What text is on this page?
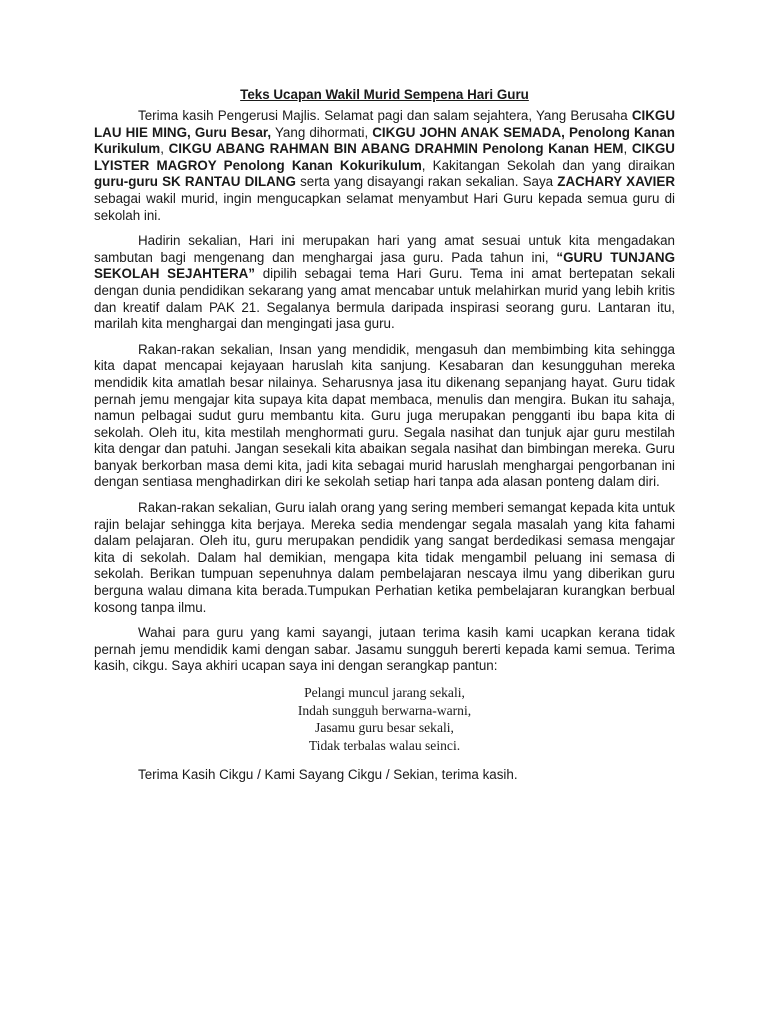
Teks Ucapan Wakil Murid Sempena Hari Guru

Terima kasih Pengerusi Majlis. Selamat pagi dan salam sejahtera, Yang Berusaha CIKGU LAU HIE MING, Guru Besar, Yang dihormati, CIKGU JOHN ANAK SEMADA, Penolong Kanan Kurikulum, CIKGU ABANG RAHMAN BIN ABANG DRAHMIN Penolong Kanan HEM, CIKGU LYISTER MAGROY Penolong Kanan Kokurikulum, Kakitangan Sekolah dan yang diraikan guru-guru SK RANTAU DILANG serta yang disayangi rakan sekalian. Saya ZACHARY XAVIER sebagai wakil murid, ingin mengucapkan selamat menyambut Hari Guru kepada semua guru di sekolah ini.

Hadirin sekalian, Hari ini merupakan hari yang amat sesuai untuk kita mengadakan sambutan bagi mengenang dan menghargai jasa guru. Pada tahun ini, “GURU TUNJANG SEKOLAH SEJAHTERA” dipilih sebagai tema Hari Guru. Tema ini amat bertepatan sekali dengan dunia pendidikan sekarang yang amat mencabar untuk melahirkan murid yang lebih kritis dan kreatif dalam PAK 21. Segalanya bermula daripada inspirasi seorang guru. Lantaran itu, marilah kita menghargai dan mengingati jasa guru.

Rakan-rakan sekalian, Insan yang mendidik, mengasuh dan membimbing kita sehingga kita dapat mencapai kejayaan haruslah kita sanjung. Kesabaran dan kesungguhan mereka mendidik kita amatlah besar nilainya. Seharusnya jasa itu dikenang sepanjang hayat. Guru tidak pernah jemu mengajar kita supaya kita dapat membaca, menulis dan mengira. Bukan itu sahaja, namun pelbagai sudut guru membantu kita. Guru juga merupakan pengganti ibu bapa kita di sekolah. Oleh itu, kita mestilah menghormati guru. Segala nasihat dan tunjuk ajar guru mestilah kita dengar dan patuhi. Jangan sesekali kita abaikan segala nasihat dan bimbingan mereka. Guru banyak berkorban masa demi kita, jadi kita sebagai murid haruslah menghargai pengorbanan ini dengan sentiasa menghadirkan diri ke sekolah setiap hari tanpa ada alasan ponteng dalam diri.

Rakan-rakan sekalian, Guru ialah orang yang sering memberi semangat kepada kita untuk rajin belajar sehingga kita berjaya. Mereka sedia mendengar segala masalah yang kita fahami dalam pelajaran. Oleh itu, guru merupakan pendidik yang sangat berdedikasi semasa mengajar kita di sekolah. Dalam hal demikian, mengapa kita tidak mengambil peluang ini semasa di sekolah. Berikan tumpuan sepenuhnya dalam pembelajaran nescaya ilmu yang diberikan guru berguna walau dimana kita berada.Tumpukan Perhatian ketika pembelajaran kurangkan berbual kosong tanpa ilmu.

Wahai para guru yang kami sayangi, jutaan terima kasih kami ucapkan kerana tidak pernah jemu mendidik kami dengan sabar. Jasamu sungguh bererti kepada kami semua. Terima kasih, cikgu. Saya akhiri ucapan saya ini dengan serangkap pantun:

Pelangi muncul jarang sekali,
Indah sungguh berwarna-warni,
Jasamu guru besar sekali,
Tidak terbalas walau seinci.

Terima Kasih Cikgu / Kami Sayang Cikgu / Sekian, terima kasih.
